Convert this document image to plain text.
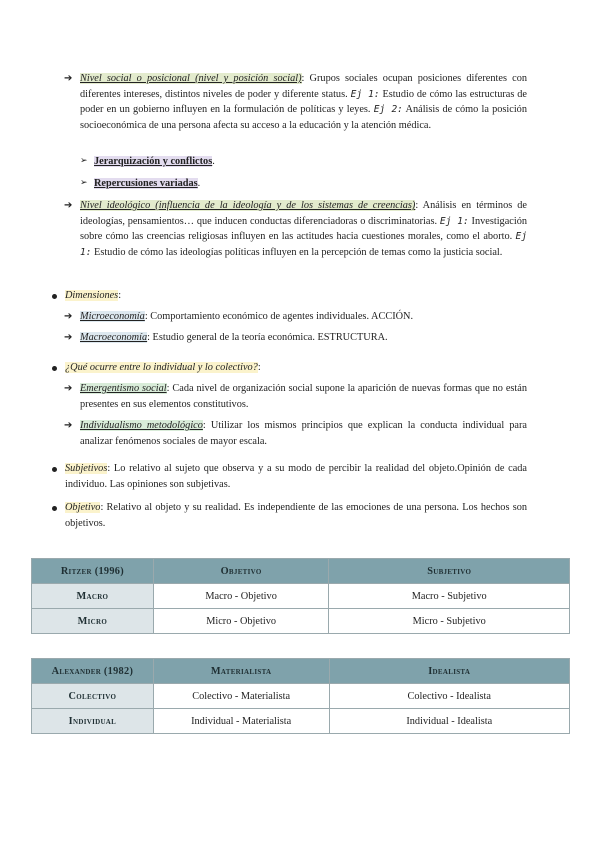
➔ Nivel social o posicional (nivel y posición social): Grupos sociales ocupan posiciones diferentes con diferentes intereses, distintos niveles de poder y diferente status. Ej 1: Estudio de cómo las estructuras de poder en un gobierno influyen en la formulación de políticas y leyes. Ej 2: Análisis de cómo la posición socioeconómica de una persona afecta su acceso a la educación y la atención médica.
➢ Jerarquización y conflictos.
➢ Repercusiones variadas.
➔ Nivel ideológico (influencia de la ideología y de los sistemas de creencias): Análisis en términos de ideologías, pensamientos… que inducen conductas diferenciadoras o discriminatorias. Ej 1: Investigación sobre cómo las creencias religiosas influyen en las actitudes hacia cuestiones morales, como el aborto. Ej 1: Estudio de cómo las ideologías políticas influyen en la percepción de temas como la justicia social.
Dimensiones:
➔ Microeconomía: Comportamiento económico de agentes individuales. ACCIÓN.
➔ Macroeconomía: Estudio general de la teoría económica. ESTRUCTURA.
¿Qué ocurre entre lo individual y lo colectivo?:
➔ Emergentismo social: Cada nivel de organización social supone la aparición de nuevas formas que no están presentes en sus elementos constitutivos.
➔ Individualismo metodológico: Utilizar los mismos principios que explican la conducta individual para analizar fenómenos sociales de mayor escala.
Subjetivos: Lo relativo al sujeto que observa y a su modo de percibir la realidad del objeto.Opinión de cada individuo. Las opiniones son subjetivas.
Objetivo: Relativo al objeto y su realidad. Es independiente de las emociones de una persona. Los hechos son objetivos.
Ritzer (1996)	Objetivo	Subjetivo
Macro	Macro - Objetivo	Macro - Subjetivo
Micro	Micro - Objetivo	Micro - Subjetivo
Alexander (1982)	Materialista	Idealista
Colectivo	Colectivo - Materialista	Colectivo - Idealista
Individual	Individual - Materialista	Individual - Idealista
